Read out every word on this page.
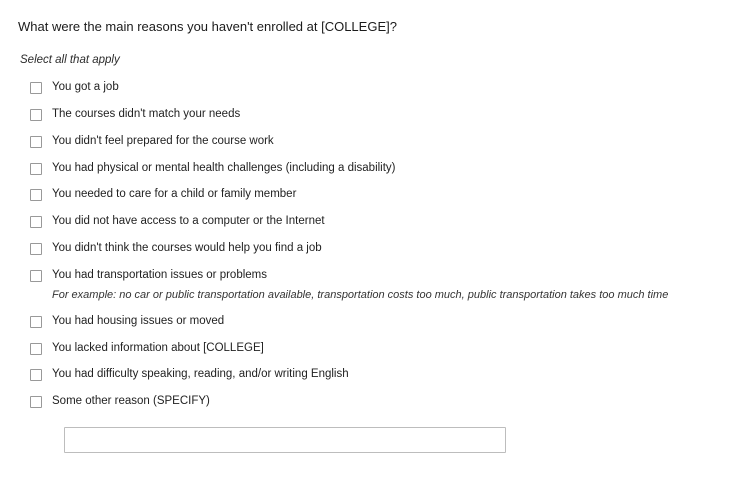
What were the main reasons you haven't enrolled at [COLLEGE]?
Select all that apply
You got a job
The courses didn't match your needs
You didn't feel prepared for the course work
You had physical or mental health challenges (including a disability)
You needed to care for a child or family member
You did not have access to a computer or the Internet
You didn't think the courses would help you find a job
You had transportation issues or problems
For example: no car or public transportation available, transportation costs too much, public transportation takes too much time
You had housing issues or moved
You lacked information about [COLLEGE]
You had difficulty speaking, reading, and/or writing English
Some other reason (SPECIFY)
